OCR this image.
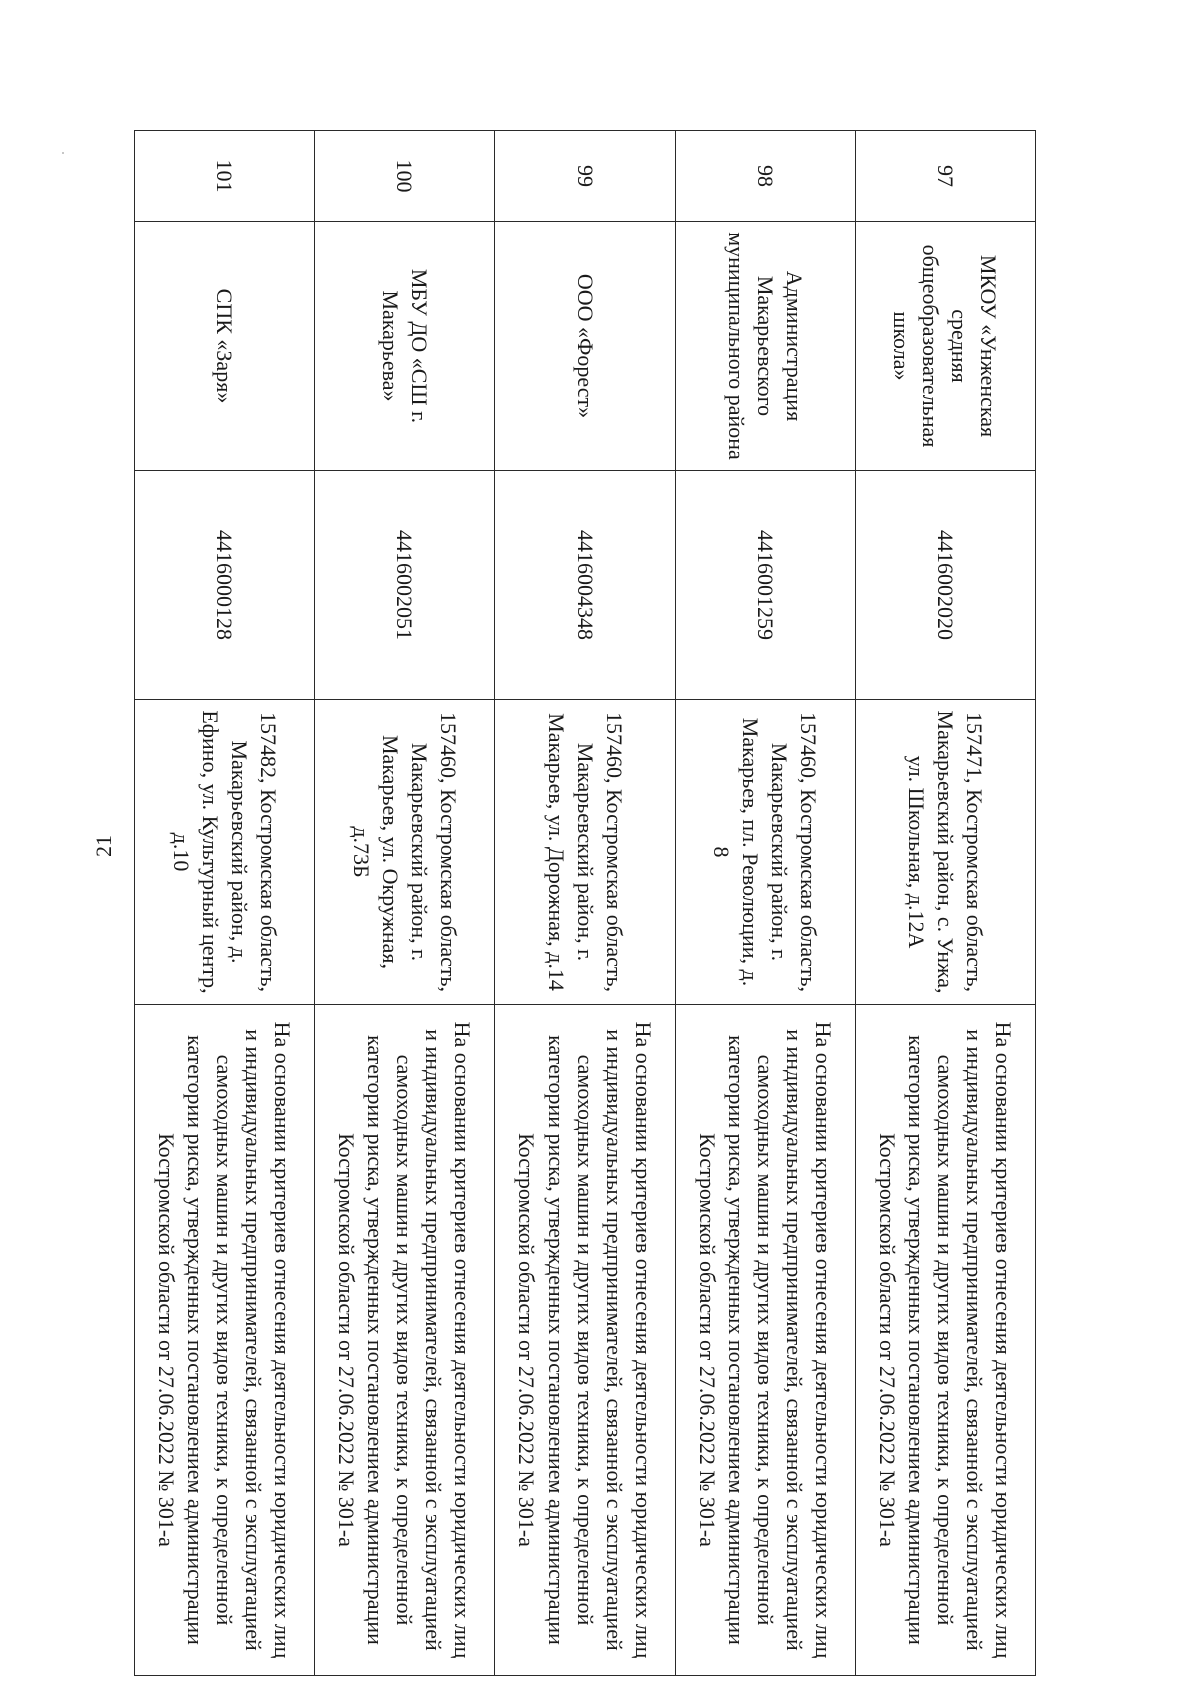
21
97	МКОУ «Унженская средняя общеобразовательная школа»	4416002020	157471, Костромская область, Макарьевский район, с. Унжа, ул. Школьная, д.12А	На основании критериев отнесения деятельности юридических лиц и индивидуальных предпринимателей, связанной с эксплуатацией самоходных машин и других видов техники, к определенной категории риска, утвержденных постановлением администрации Костромской области от 27.06.2022 № 301-а
98	Администрация Макарьевского муниципального района	4416001259	157460, Костромская область, Макарьевский район, г. Макарьев, пл. Революции, д. 8	На основании критериев отнесения деятельности юридических лиц и индивидуальных предпринимателей, связанной с эксплуатацией самоходных машин и других видов техники, к определенной категории риска, утвержденных постановлением администрации Костромской области от 27.06.2022 № 301-а
99	ООО «Форест»	4416004348	157460, Костромская область, Макарьевский район, г. Макарьев, ул. Дорожная, д.14	На основании критериев отнесения деятельности юридических лиц и индивидуальных предпринимателей, связанной с эксплуатацией самоходных машин и других видов техники, к определенной категории риска, утвержденных постановлением администрации Костромской области от 27.06.2022 № 301-а
100	МБУ ДО «СШ г. Макарьева»	4416002051	157460, Костромская область, Макарьевский район, г. Макарьев, ул. Окружная, д.73Б	На основании критериев отнесения деятельности юридических лиц и индивидуальных предпринимателей, связанной с эксплуатацией самоходных машин и других видов техники, к определенной категории риска, утвержденных постановлением администрации Костромской области от 27.06.2022 № 301-а
101	СПК «Заря»	4416000128	157482, Костромская область, Макарьевский район, д. Ефино, ул. Культурный центр, д.10	На основании критериев отнесения деятельности юридических лиц и индивидуальных предпринимателей, связанной с эксплуатацией самоходных машин и других видов техники, к определенной категории риска, утвержденных постановлением администрации Костромской области от 27.06.2022 № 301-а
